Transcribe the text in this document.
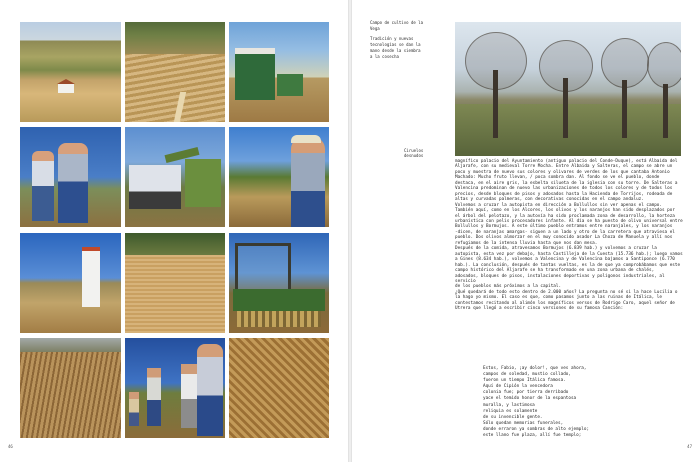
46
Campo de cultivo de la
Vega
Tradición y nuevas
tecnologías se dan la
mano desde la siembra
a la cosecha
Ciruelos
desnudos

magnífico palacio del Ayuntamiento (antiguo palacio del Conde-Duque), está Albaida del

Aljarafe, con su medieval Torre Mocha. Entre Albaida y Salteras, el campo se abre un

poco y muestra de nuevo sus colores y olivares de verdes de los que cantaba Antonio

Machado: Mucho fruto llevan, / poca sombra dan. Al fondo se ve el pueblo, donde

destaca, en el aire gris, la esbelta silueta de la iglesia con su torre. De Salteras a

Valencina predominan de nuevo las urbanizaciones de todos los colores y de todos los

precios, desde bloques de pisos y adosados hasta la Hacienda de Torrijos, rodeada de

altas y curvadas palmeras, con decorativas conocidas en el campo andaluz.

Volvemos a cruzar la autopista en dirección a Bollullos sin ver apenas el campo.

También aquí, como en los Alcores, los olivos y los naranjos han sido desplazados por

el árbol del pelotazo, y la autovía ha sido proclamada zona de desarrollo, la horteza

urbanística con pelis procesadores infante. Al día se ha puesto de olivo universal entre

Bollullos y Bormujos. A este último pueblo entramos entre naranjales, y los naranjos

-dicen, de naranjas amargas- siguen a un lado y otro de la carretera que atraviesa el

pueblo. Dos olivos almorzar en el muy conocido asador La Choza de Manuela y allí nos

refugiamos de la intensa lluvia hasta que nos dan mesa.

Después de la comida, atravesamos Bormujos (6.839 hab.) y volvemos a cruzar la

autopista, esta vez por debajo, hasta Castilleja de la Cuesta (15.736 hab.); luego vamos

a Gines (8.634 hab.), volvemos a Valencina y de Valencina bajamos a Santiponce (6.770

hab.). La conclusión, después de tantas vueltas, es la de que ya comprobábamos que este

campo histórico del Aljarafe se ha transformado en una zona urbana de chalés,

adosados, bloques de pisos, instalaciones deportivas y polígonos industriales, al servicio

de los pueblos más próximos a la capital.

¿Qué quedará de todo esto dentro de 2.000 años? La pregunta no sé si la hace Lucilia o

la hago yo mismo. El caso es que, como pasamos junto a las ruinas de Itálica, le

contestamos recitando al alimón los magníficos versos de Rodrigo Caro, aquel señor de

Utrera que llegó a escribir cinco versiones de su famosa Canción:

Estos, Fabio, ¡ay dolor!, que ves ahora,
campos de soledad, mustio collado,
fueron un tiempo Itálica famosa.
Aquí de Cipión la vencedora
colonia fue; por tierra derribado
yace el temido honor de la espantosa
muralla, y lastimosa
reliquia es solamente
de su invencible gente.
Sólo quedan memorias funerales,
donde erraron ya sombras de alto ejemplo;
este llano fue plaza, allí fue templo;
47
